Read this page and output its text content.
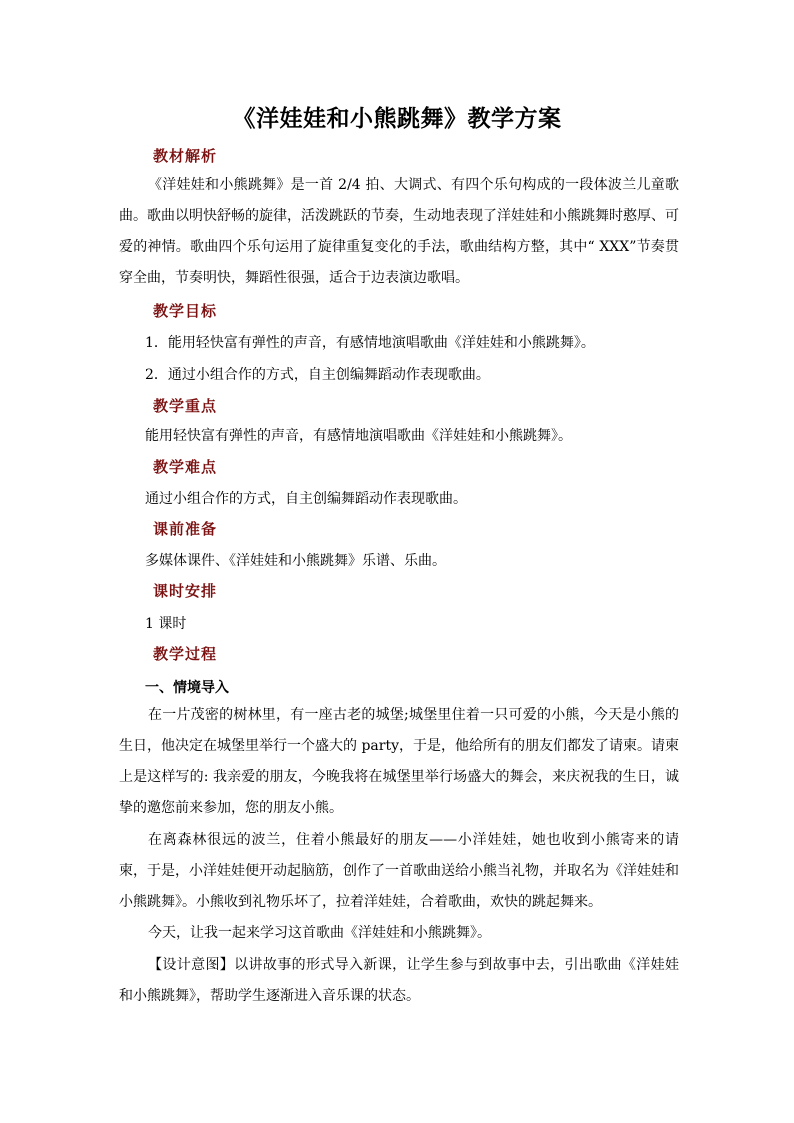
《洋娃娃和小熊跳舞》教学方案
教材解析
《洋娃娃和小熊跳舞》是一首 2/4 拍、大调式、有四个乐句构成的一段体波兰儿童歌曲。歌曲以明快舒畅的旋律，活泼跳跃的节奏，生动地表现了洋娃娃和小熊跳舞时憨厚、可爱的神情。歌曲四个乐句运用了旋律重复变化的手法，歌曲结构方整，其中“ XXX”节奏贯穿全曲，节奏明快，舞蹈性很强，适合于边表演边歌唱。
教学目标
1．能用轻快富有弹性的声音，有感情地演唱歌曲《洋娃娃和小熊跳舞》。
2．通过小组合作的方式，自主创编舞蹈动作表现歌曲。
教学重点
能用轻快富有弹性的声音，有感情地演唱歌曲《洋娃娃和小熊跳舞》。
教学难点
通过小组合作的方式，自主创编舞蹈动作表现歌曲。
课前准备
多媒体课件、《洋娃娃和小熊跳舞》乐谱、乐曲。
课时安排
1 课时
教学过程
一、情境导入
在一片茂密的树林里，有一座古老的城堡;城堡里住着一只可爱的小熊，今天是小熊的生日，他决定在城堡里举行一个盛大的 party，于是，他给所有的朋友们都发了请柬。请柬上是这样写的: 我亲爱的朋友，今晚我将在城堡里举行场盛大的舞会，来庆祝我的生日，诚挚的邀您前来参加，您的朋友小熊。
在离森林很远的波兰，住着小熊最好的朋友——小洋娃娃，她也收到小熊寄来的请柬，于是，小洋娃娃便开动起脑筋，创作了一首歌曲送给小熊当礼物，并取名为《洋娃娃和小熊跳舞》。小熊收到礼物乐坏了，拉着洋娃娃，合着歌曲，欢快的跳起舞来。
今天，让我一起来学习这首歌曲《洋娃娃和小熊跳舞》。
【设计意图】以讲故事的形式导入新课，让学生参与到故事中去，引出歌曲《洋娃娃和小熊跳舞》，帮助学生逐渐进入音乐课的状态。
